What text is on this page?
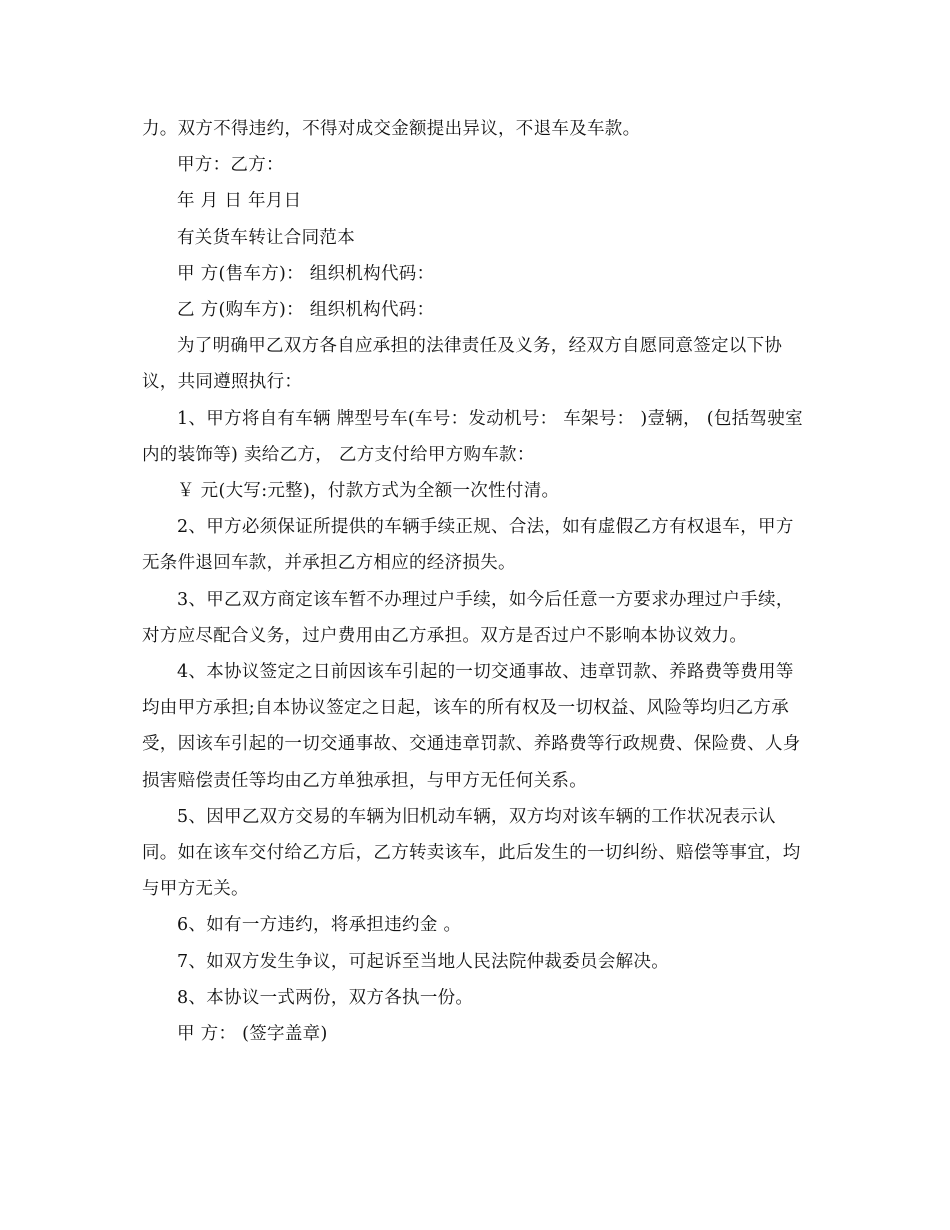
力。双方不得违约，不得对成交金额提出异议，不退车及车款。

甲方：乙方：

年 月 日 年月日

有关货车转让合同范本

甲 方(售车方)： 组织机构代码：

乙 方(购车方)： 组织机构代码：

为了明确甲乙双方各自应承担的法律责任及义务，经双方自愿同意签定以下协议，共同遵照执行：

1、甲方将自有车辆 牌型号车(车号：发动机号： 车架号： )壹辆， (包括驾驶室内的装饰等) 卖给乙方， 乙方支付给甲方购车款：

￥ 元(大写:元整)，付款方式为全额一次性付清。

2、甲方必须保证所提供的车辆手续正规、合法，如有虚假乙方有权退车，甲方无条件退回车款，并承担乙方相应的经济损失。

3、甲乙双方商定该车暂不办理过户手续，如今后任意一方要求办理过户手续，对方应尽配合义务，过户费用由乙方承担。双方是否过户不影响本协议效力。

4、本协议签定之日前因该车引起的一切交通事故、违章罚款、养路费等费用等均由甲方承担;自本协议签定之日起，该车的所有权及一切权益、风险等均归乙方承受，因该车引起的一切交通事故、交通违章罚款、养路费等行政规费、保险费、人身损害赔偿责任等均由乙方单独承担，与甲方无任何关系。

5、因甲乙双方交易的车辆为旧机动车辆，双方均对该车辆的工作状况表示认同。如在该车交付给乙方后，乙方转卖该车，此后发生的一切纠纷、赔偿等事宜，均与甲方无关。

6、如有一方违约，将承担违约金 。

7、如双方发生争议，可起诉至当地人民法院仲裁委员会解决。

8、本协议一式两份，双方各执一份。

甲 方： (签字盖章)
